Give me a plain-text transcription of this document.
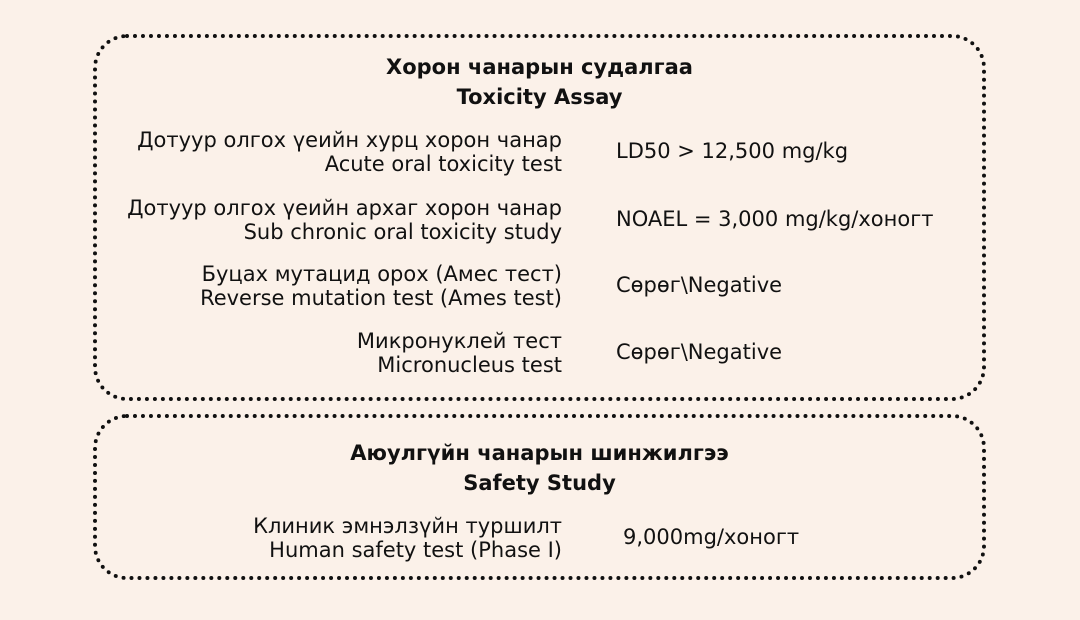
Хорон чанарын судалгаа
Toxicity Assay
Дотуур олгох үеийн хурц хорон чанар
Acute oral toxicity test
LD50 > 12,500 mg/kg
Дотуур олгох үеийн архаг хорон чанар
Sub chronic oral toxicity study
NOAEL = 3,000 mg/kg/хоногт
Буцах мутацид орох (Амес тест)
Reverse mutation test (Ames test)
Сөрөг\Negative
Микронуклей тест
Micronucleus test
Сөрөг\Negative
Аюулгүйн чанарын шинжилгээ
Safety Study
Клиник эмнэлзүйн туршилт
Human safety test (Phase I)
9,000mg/хоногт
